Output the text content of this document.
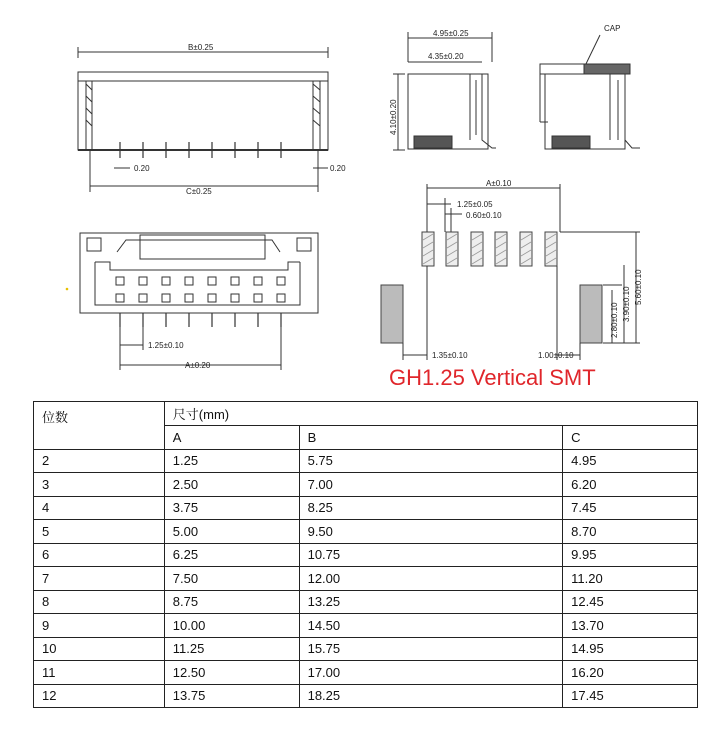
B±0.25
C±0.25
0.20	0.20
1.25±0.10
A±0.20
4.95±0.25
4.35±0.20
4.10±0.20
CAP
A±0.10
1.25±0.05
0.60±0.10
5.60±0.10
3.90±0.10
2.80±0.10
1.35±0.10	1.00±0.10
GH1.25 Vertical SMT
位数	尺寸(mm)		
	A	B	C
2	1.25	5.75	4.95
3	2.50	7.00	6.20
4	3.75	8.25	7.45
5	5.00	9.50	8.70
6	6.25	10.75	9.95
7	7.50	12.00	11.20
8	8.75	13.25	12.45
9	10.00	14.50	13.70
10	11.25	15.75	14.95
11	12.50	17.00	16.20
12	13.75	18.25	17.45
